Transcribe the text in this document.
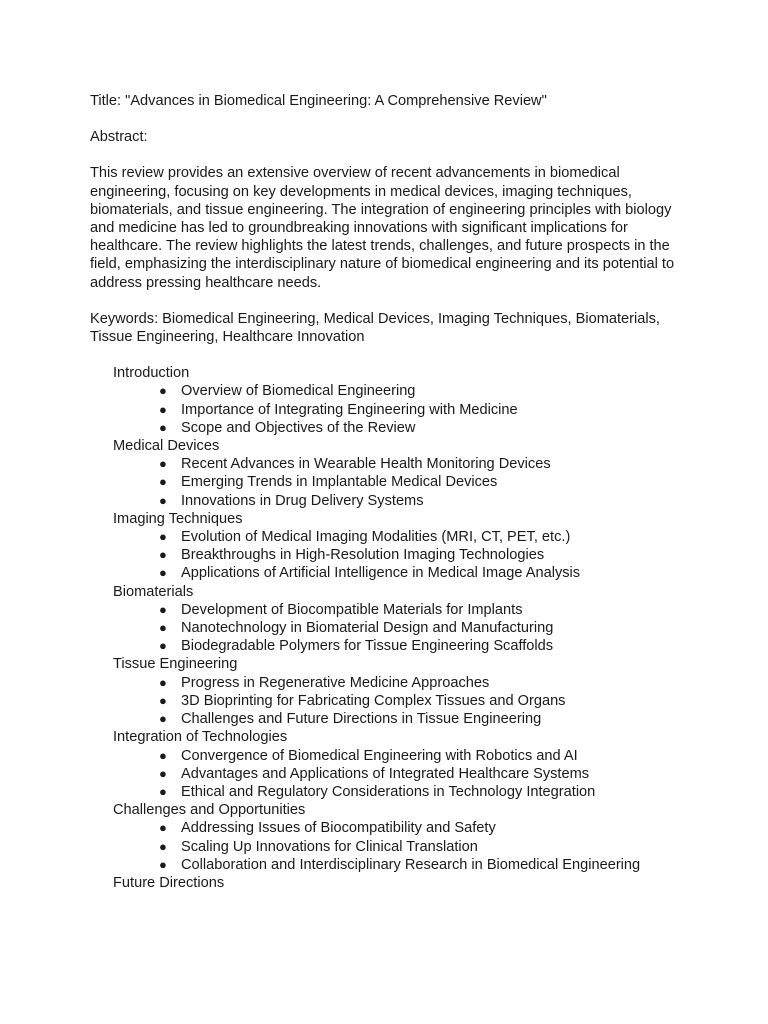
Title: "Advances in Biomedical Engineering: A Comprehensive Review"

Abstract:

This review provides an extensive overview of recent advancements in biomedical engineering, focusing on key developments in medical devices, imaging techniques, biomaterials, and tissue engineering. The integration of engineering principles with biology and medicine has led to groundbreaking innovations with significant implications for healthcare. The review highlights the latest trends, challenges, and future prospects in the field, emphasizing the interdisciplinary nature of biomedical engineering and its potential to address pressing healthcare needs.

Keywords: Biomedical Engineering, Medical Devices, Imaging Techniques, Biomaterials, Tissue Engineering, Healthcare Innovation

Introduction
● Overview of Biomedical Engineering
● Importance of Integrating Engineering with Medicine
● Scope and Objectives of the Review
Medical Devices
● Recent Advances in Wearable Health Monitoring Devices
● Emerging Trends in Implantable Medical Devices
● Innovations in Drug Delivery Systems
Imaging Techniques
● Evolution of Medical Imaging Modalities (MRI, CT, PET, etc.)
● Breakthroughs in High-Resolution Imaging Technologies
● Applications of Artificial Intelligence in Medical Image Analysis
Biomaterials
● Development of Biocompatible Materials for Implants
● Nanotechnology in Biomaterial Design and Manufacturing
● Biodegradable Polymers for Tissue Engineering Scaffolds
Tissue Engineering
● Progress in Regenerative Medicine Approaches
● 3D Bioprinting for Fabricating Complex Tissues and Organs
● Challenges and Future Directions in Tissue Engineering
Integration of Technologies
● Convergence of Biomedical Engineering with Robotics and AI
● Advantages and Applications of Integrated Healthcare Systems
● Ethical and Regulatory Considerations in Technology Integration
Challenges and Opportunities
● Addressing Issues of Biocompatibility and Safety
● Scaling Up Innovations for Clinical Translation
● Collaboration and Interdisciplinary Research in Biomedical Engineering
Future Directions
